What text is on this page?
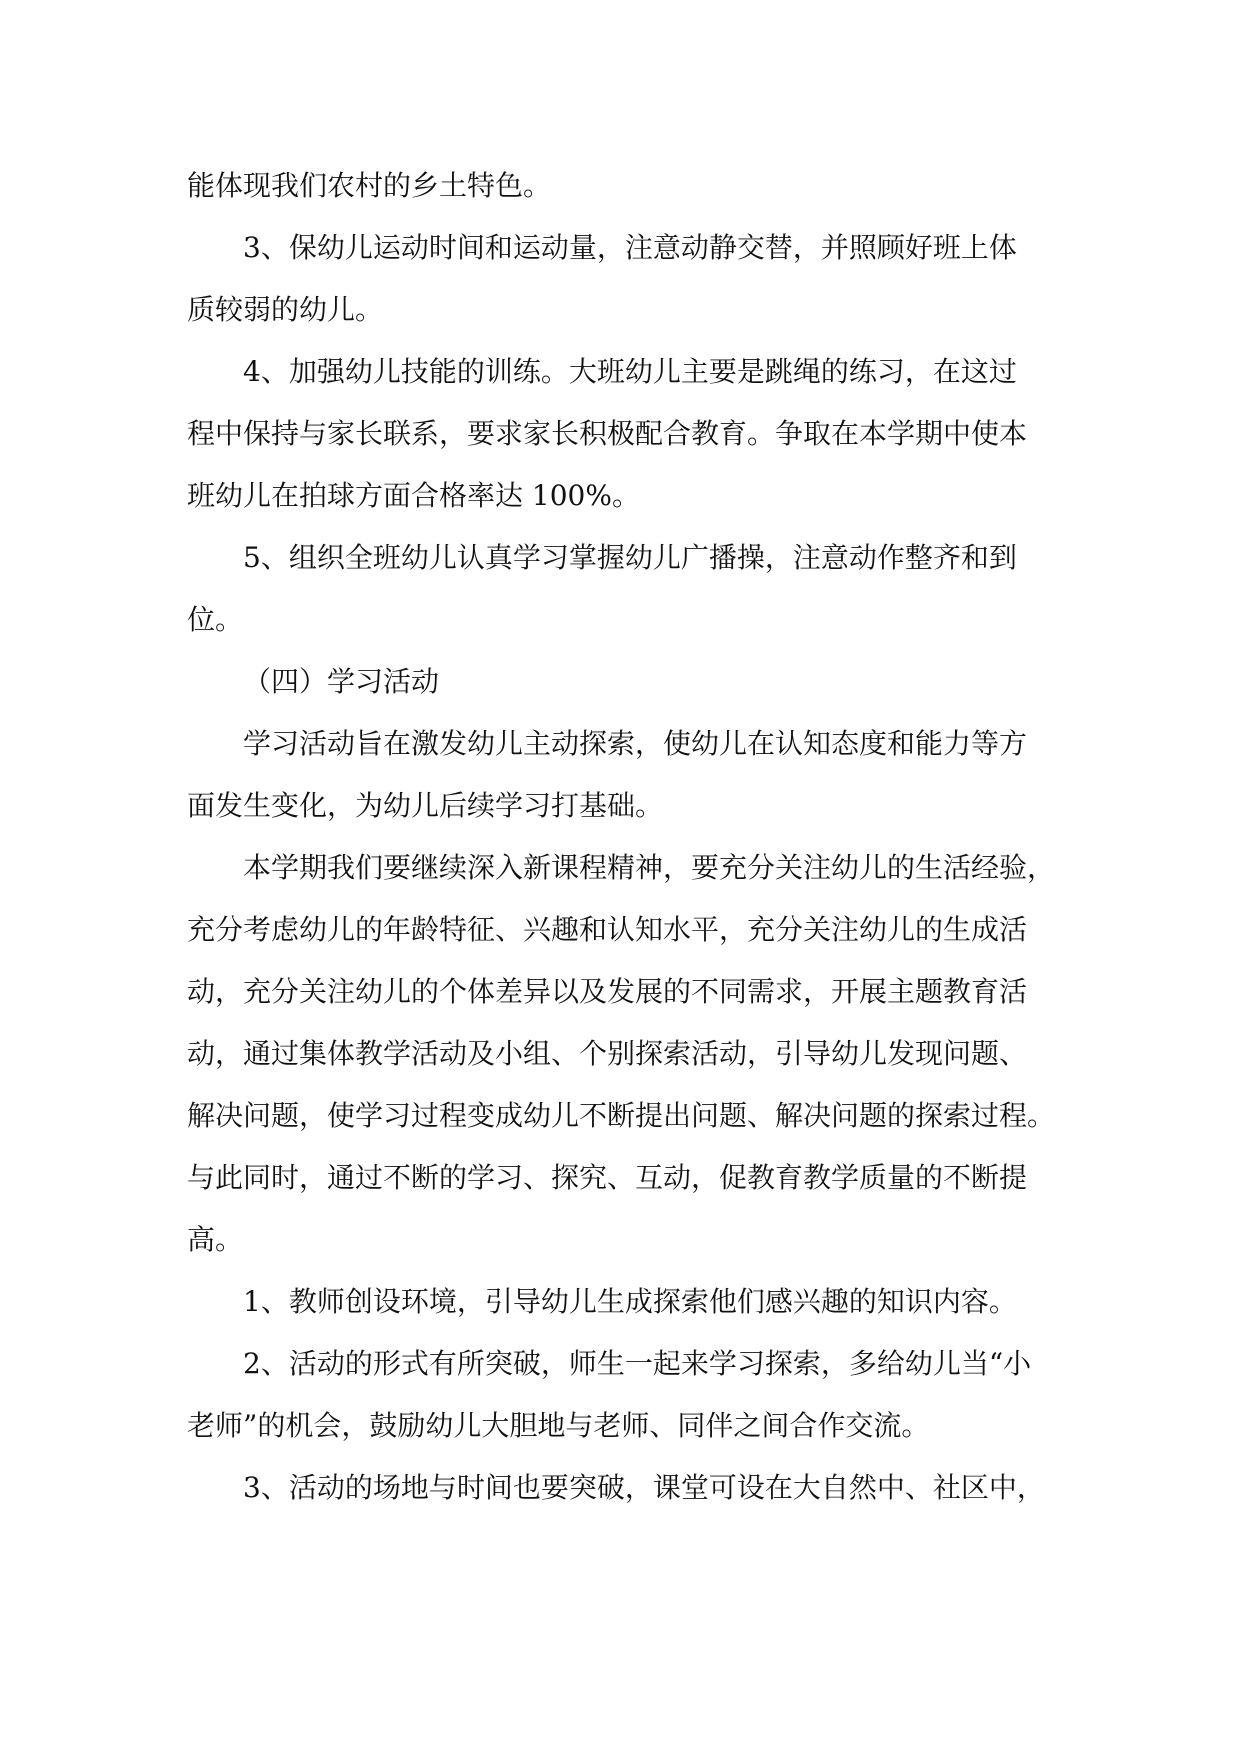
能体现我们农村的乡土特色。
3、保幼儿运动时间和运动量，注意动静交替，并照顾好班上体
质较弱的幼儿。
4、加强幼儿技能的训练。大班幼儿主要是跳绳的练习，在这过
程中保持与家长联系，要求家长积极配合教育。争取在本学期中使本
班幼儿在拍球方面合格率达 100%。
5、组织全班幼儿认真学习掌握幼儿广播操，注意动作整齐和到
位。
（四）学习活动
学习活动旨在激发幼儿主动探索，使幼儿在认知态度和能力等方
面发生变化，为幼儿后续学习打基础。
本学期我们要继续深入新课程精神，要充分关注幼儿的生活经验，
充分考虑幼儿的年龄特征、兴趣和认知水平，充分关注幼儿的生成活
动，充分关注幼儿的个体差异以及发展的不同需求，开展主题教育活
动，通过集体教学活动及小组、个别探索活动，引导幼儿发现问题、
解决问题，使学习过程变成幼儿不断提出问题、解决问题的探索过程。
与此同时，通过不断的学习、探究、互动，促教育教学质量的不断提
高。
1、教师创设环境，引导幼儿生成探索他们感兴趣的知识内容。
2、活动的形式有所突破，师生一起来学习探索，多给幼儿当“小
老师”的机会，鼓励幼儿大胆地与老师、同伴之间合作交流。
3、活动的场地与时间也要突破，课堂可设在大自然中、社区中，
